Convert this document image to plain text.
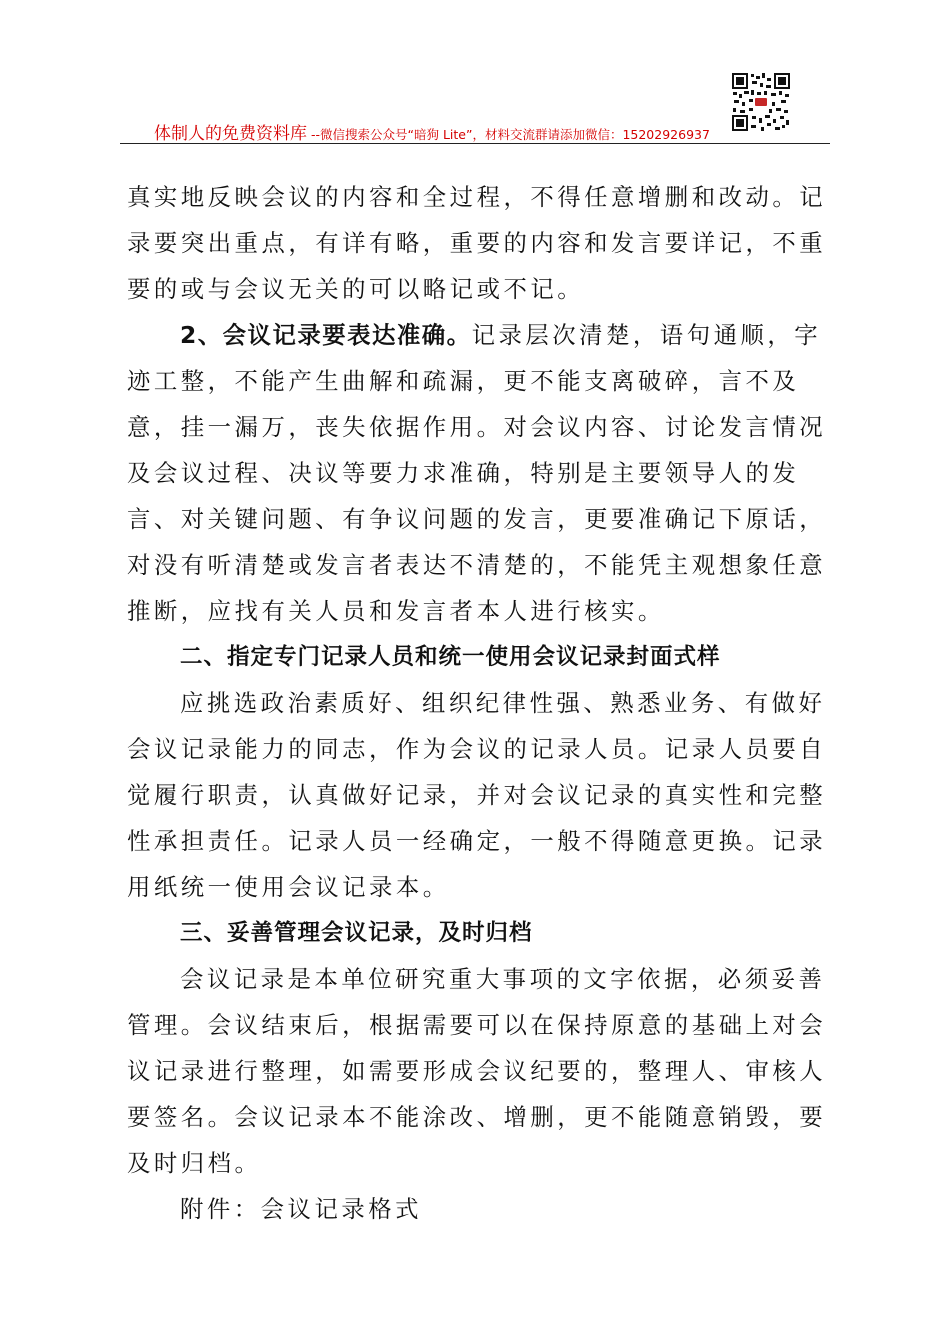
体制人的免费资料库 --微信搜索公众号“暗狗 Lite”，材料交流群请添加微信：15202926937

真实地反映会议的内容和全过程，不得任意增删和改动。记录要突出重点，有详有略，重要的内容和发言要详记，不重要的或与会议无关的可以略记或不记。

2、会议记录要表达准确。记录层次清楚，语句通顺，字迹工整，不能产生曲解和疏漏，更不能支离破碎，言不及意，挂一漏万，丧失依据作用。对会议内容、讨论发言情况及会议过程、决议等要力求准确，特别是主要领导人的发言、对关键问题、有争议问题的发言，更要准确记下原话，对没有听清楚或发言者表达不清楚的，不能凭主观想象任意推断，应找有关人员和发言者本人进行核实。

二、指定专门记录人员和统一使用会议记录封面式样

应挑选政治素质好、组织纪律性强、熟悉业务、有做好会议记录能力的同志，作为会议的记录人员。记录人员要自觉履行职责，认真做好记录，并对会议记录的真实性和完整性承担责任。记录人员一经确定，一般不得随意更换。记录用纸统一使用会议记录本。

三、妥善管理会议记录，及时归档

会议记录是本单位研究重大事项的文字依据，必须妥善管理。会议结束后，根据需要可以在保持原意的基础上对会议记录进行整理，如需要形成会议纪要的，整理人、审核人要签名。会议记录本不能涂改、增删，更不能随意销毁，要及时归档。

附件：会议记录格式
